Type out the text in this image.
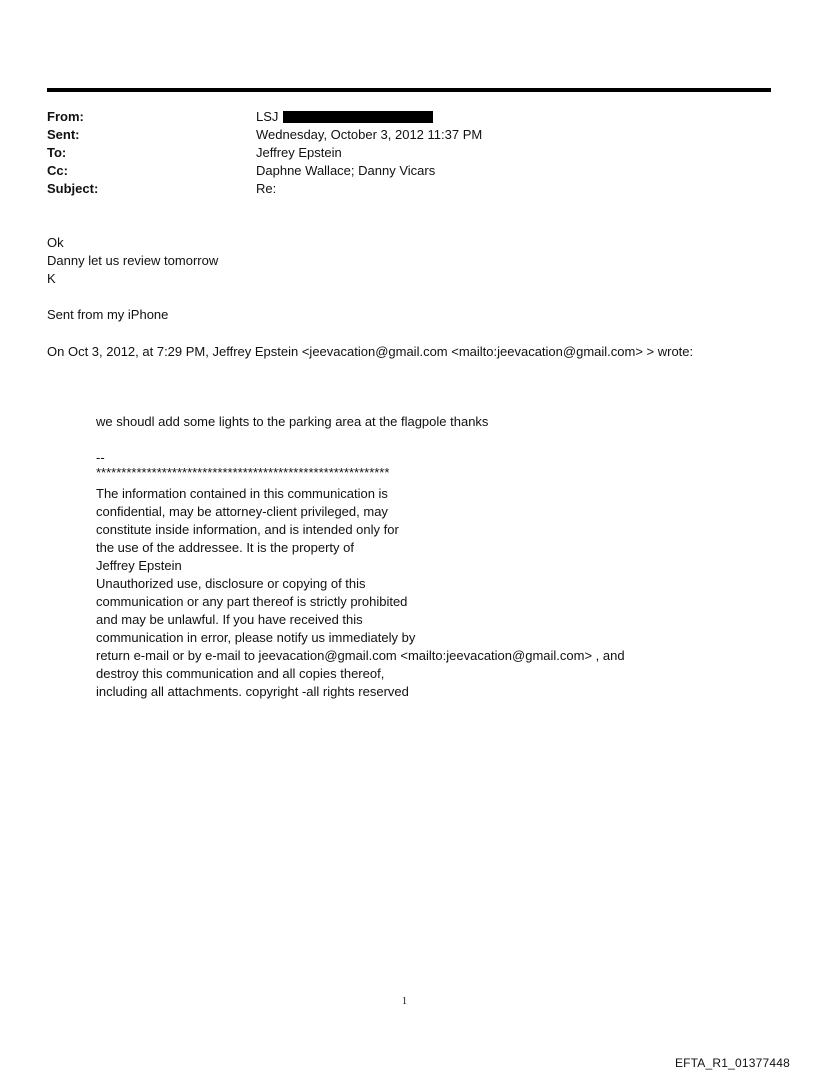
From:	LSJ
Sent:	Wednesday, October 3, 2012 11:37 PM
To:	Jeffrey Epstein
Cc:	Daphne Wallace; Danny Vicars
Subject:	Re:
Ok
Danny let us review tomorrow
K
Sent from my iPhone
On Oct 3, 2012, at 7:29 PM, Jeffrey Epstein <jeevacation@gmail.com <mailto:jeevacation@gmail.com> > wrote:
we shoudl add some lights to the parking area at the flagpole thanks
--
**********************************************************
The information contained in this communication is
confidential, may be attorney-client privileged, may
constitute inside information, and is intended only for
the use of the addressee. It is the property of
Jeffrey Epstein
Unauthorized use, disclosure or copying of this
communication or any part thereof is strictly prohibited
and may be unlawful. If you have received this
communication in error, please notify us immediately by
return e-mail or by e-mail to jeevacation@gmail.com <mailto:jeevacation@gmail.com> , and
destroy this communication and all copies thereof,
including all attachments. copyright -all rights reserved
1
EFTA_R1_01377448
